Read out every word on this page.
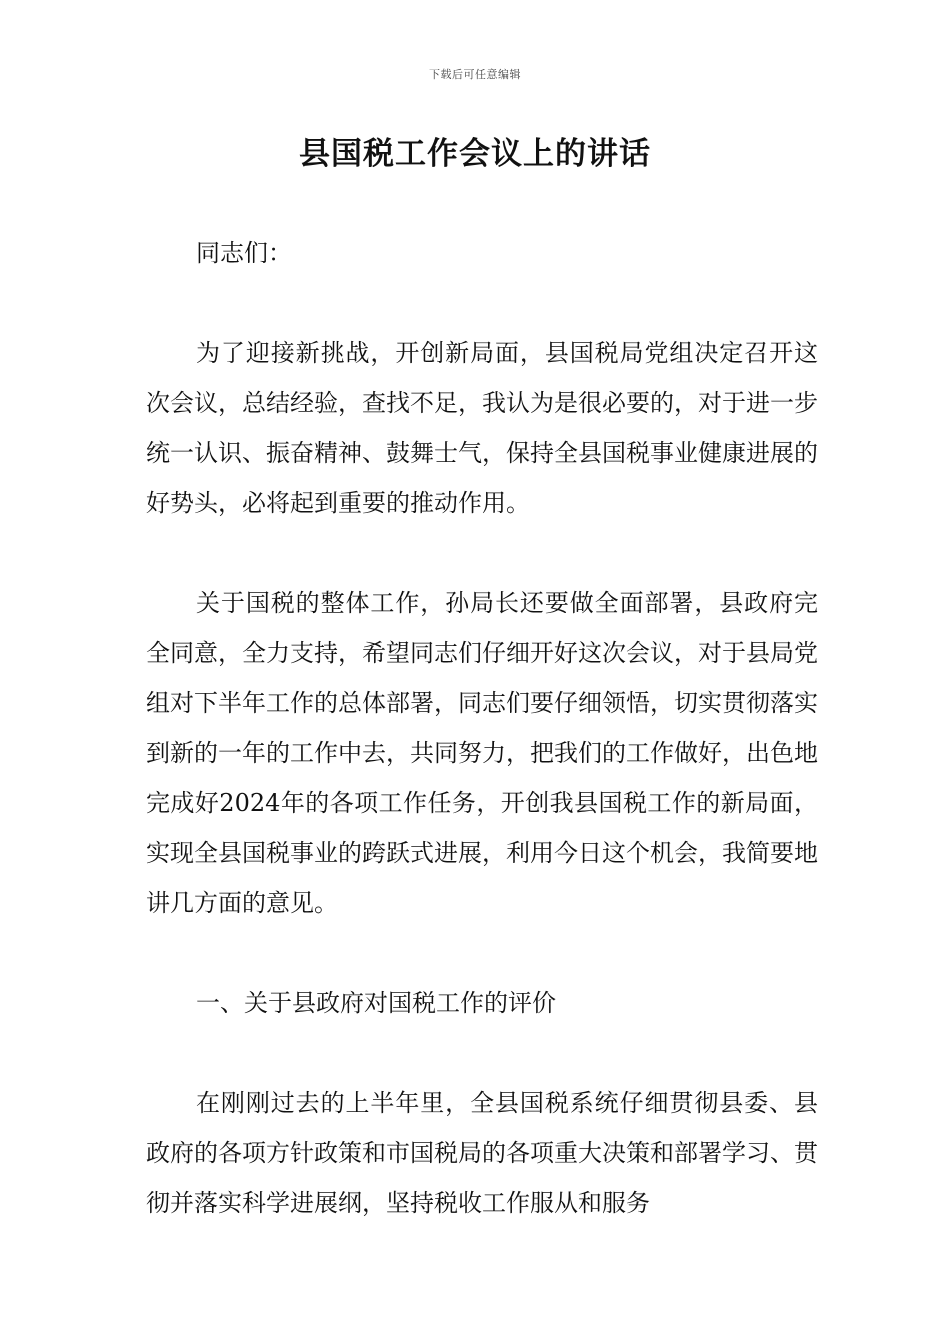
下载后可任意编辑
县国税工作会议上的讲话

同志们：

为了迎接新挑战，开创新局面，县国税局党组决定召开这次会议，总结经验，查找不足，我认为是很必要的，对于进一步统一认识、振奋精神、鼓舞士气，保持全县国税事业健康进展的好势头，必将起到重要的推动作用。

关于国税的整体工作，孙局长还要做全面部署，县政府完全同意，全力支持，希望同志们仔细开好这次会议，对于县局党组对下半年工作的总体部署，同志们要仔细领悟，切实贯彻落实到新的一年的工作中去，共同努力，把我们的工作做好，出色地完成好2024年的各项工作任务，开创我县国税工作的新局面，实现全县国税事业的跨跃式进展，利用今日这个机会，我简要地讲几方面的意见。

一、关于县政府对国税工作的评价

在刚刚过去的上半年里，全县国税系统仔细贯彻县委、县政府的各项方针政策和市国税局的各项重大决策和部署学习、贯彻并落实科学进展纲，坚持税收工作服从和服务
